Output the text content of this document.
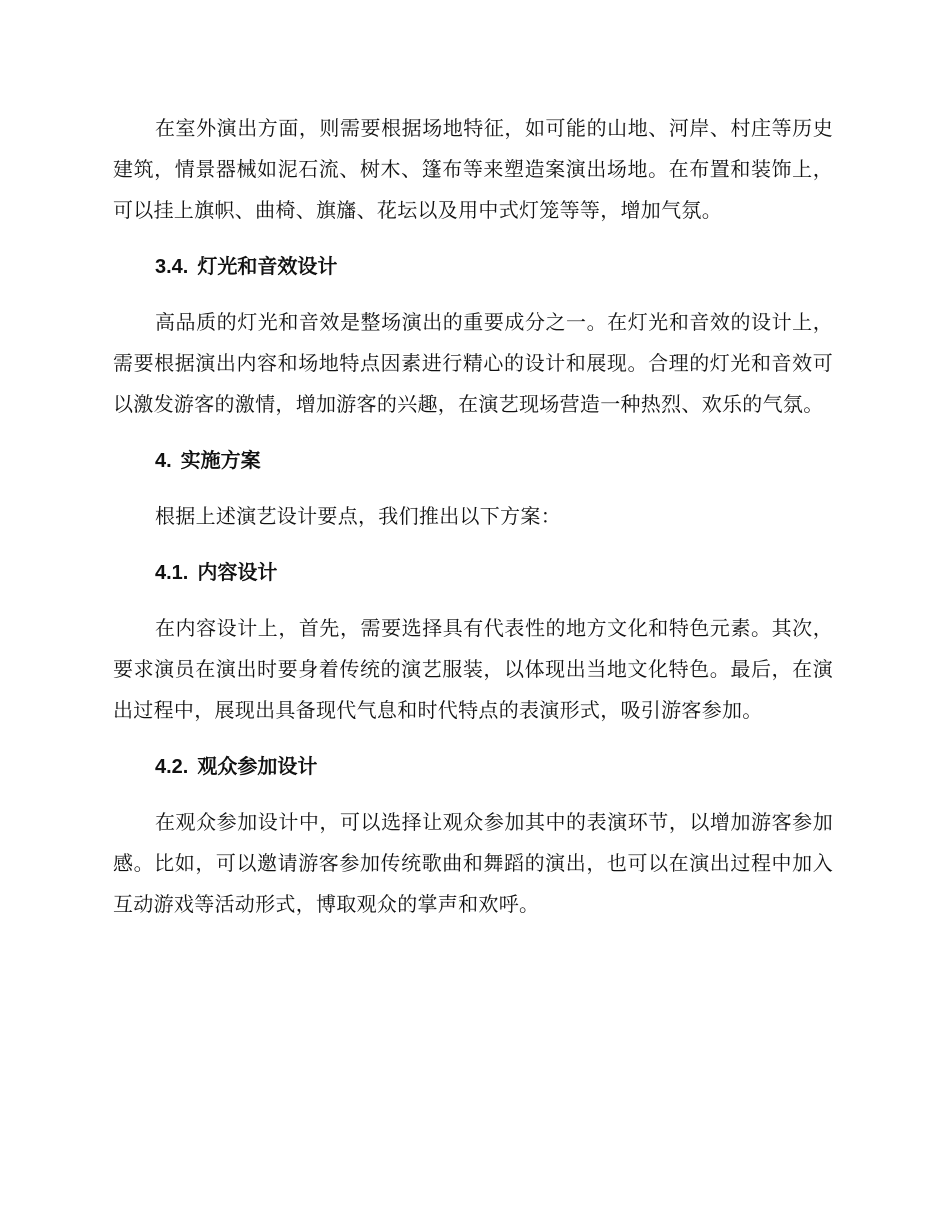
在室外演出方面，则需要根据场地特征，如可能的山地、河岸、村庄等历史建筑，情景器械如泥石流、树木、篷布等来塑造案演出场地。在布置和装饰上，可以挂上旗帜、曲椅、旗旛、花坛以及用中式灯笼等等，增加气氛。

3.4. 灯光和音效设计

高品质的灯光和音效是整场演出的重要成分之一。在灯光和音效的设计上，需要根据演出内容和场地特点因素进行精心的设计和展现。合理的灯光和音效可以激发游客的激情，增加游客的兴趣，在演艺现场营造一种热烈、欢乐的气氛。

4. 实施方案

根据上述演艺设计要点，我们推出以下方案：

4.1. 内容设计

在内容设计上，首先，需要选择具有代表性的地方文化和特色元素。其次，要求演员在演出时要身着传统的演艺服装，以体现出当地文化特色。最后，在演出过程中，展现出具备现代气息和时代特点的表演形式，吸引游客参加。

4.2. 观众参加设计

在观众参加设计中，可以选择让观众参加其中的表演环节，以增加游客参加感。比如，可以邀请游客参加传统歌曲和舞蹈的演出，也可以在演出过程中加入互动游戏等活动形式，博取观众的掌声和欢呼。
